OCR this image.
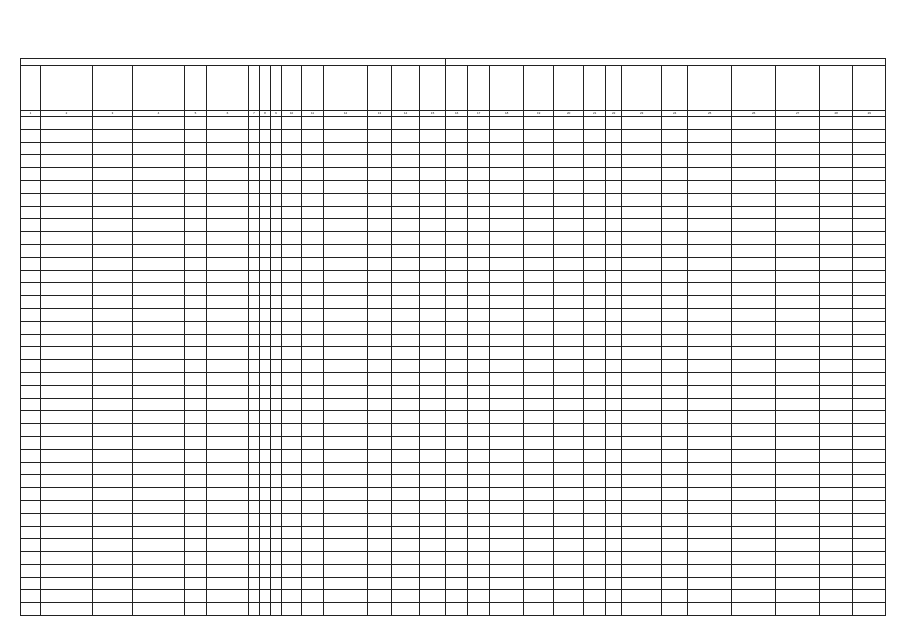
1	2	3	4	5	6	7	8	9	10	11	12	13	14	15	16	17	18	19	20	21	22	23	24	25	26	27	28	29
